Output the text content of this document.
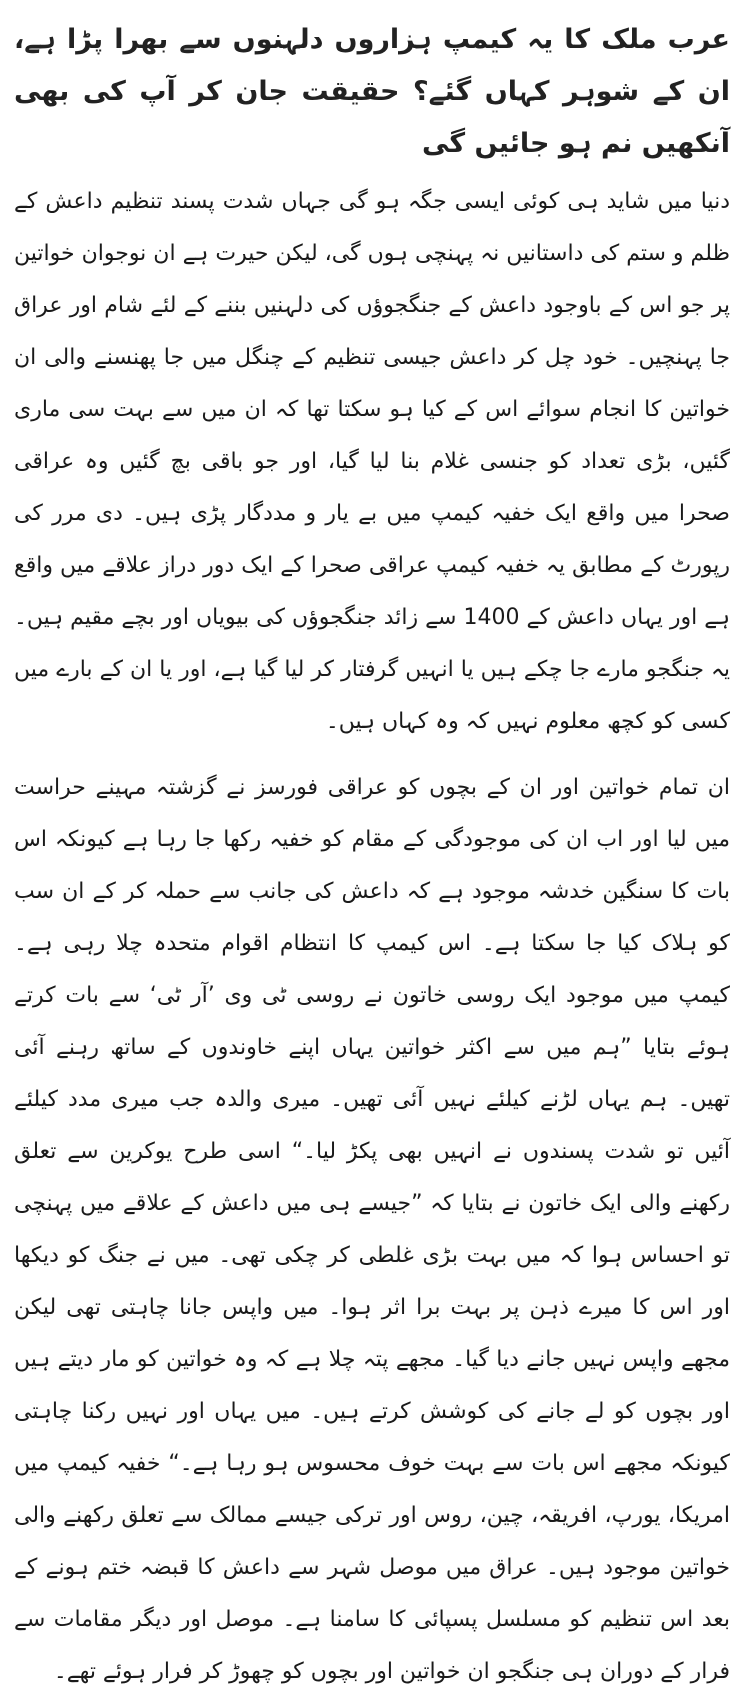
عرب ملک کا یہ کیمپ ہزاروں دلہنوں سے بھرا پڑا ہے، ان کے شوہر کہاں گئے؟ حقیقت جان کر آپ کی بھی آنکھیں نم ہو جائیں گی

دنیا میں شاید ہی کوئی ایسی جگہ ہو گی جہاں شدت پسند تنظیم داعش کے ظلم و ستم کی داستانیں نہ پہنچی ہوں گی، لیکن حیرت ہے ان نوجوان خواتین پر جو اس کے باوجود داعش کے جنگجوؤں کی دلہنیں بننے کے لئے شام اور عراق جا پہنچیں۔ خود چل کر داعش جیسی تنظیم کے چنگل میں جا پھنسنے والی ان خواتین کا انجام سوائے اس کے کیا ہو سکتا تھا کہ ان میں سے بہت سی ماری گئیں، بڑی تعداد کو جنسی غلام بنا لیا گیا، اور جو باقی بچ گئیں وہ عراقی صحرا میں واقع ایک خفیہ کیمپ میں بے یار و مددگار پڑی ہیں۔ دی مرر کی رپورٹ کے مطابق یہ خفیہ کیمپ عراقی صحرا کے ایک دور دراز علاقے میں واقع ہے اور یہاں داعش کے 1400 سے زائد جنگجوؤں کی بیویاں اور بچے مقیم ہیں۔ یہ جنگجو مارے جا چکے ہیں یا انہیں گرفتار کر لیا گیا ہے، اور یا ان کے بارے میں کسی کو کچھ معلوم نہیں کہ وہ کہاں ہیں۔

ان تمام خواتین اور ان کے بچوں کو عراقی فورسز نے گزشتہ مہینے حراست میں لیا اور اب ان کی موجودگی کے مقام کو خفیہ رکھا جا رہا ہے کیونکہ اس بات کا سنگین خدشہ موجود ہے کہ داعش کی جانب سے حملہ کر کے ان سب کو ہلاک کیا جا سکتا ہے۔ اس کیمپ کا انتظام اقوام متحدہ چلا رہی ہے۔ کیمپ میں موجود ایک روسی خاتون نے روسی ٹی وی ’آر ٹی‘ سے بات کرتے ہوئے بتایا ”ہم میں سے اکثر خواتین یہاں اپنے خاوندوں کے ساتھ رہنے آئی تھیں۔ ہم یہاں لڑنے کیلئے نہیں آئی تھیں۔ میری والدہ جب میری مدد کیلئے آئیں تو شدت پسندوں نے انہیں بھی پکڑ لیا۔“ اسی طرح یوکرین سے تعلق رکھنے والی ایک خاتون نے بتایا کہ ”جیسے ہی میں داعش کے علاقے میں پہنچی تو احساس ہوا کہ میں بہت بڑی غلطی کر چکی تھی۔ میں نے جنگ کو دیکھا اور اس کا میرے ذہن پر بہت برا اثر ہوا۔ میں واپس جانا چاہتی تھی لیکن مجھے واپس نہیں جانے دیا گیا۔ مجھے پتہ چلا ہے کہ وہ خواتین کو مار دیتے ہیں اور بچوں کو لے جانے کی کوشش کرتے ہیں۔ میں یہاں اور نہیں رکنا چاہتی کیونکہ مجھے اس بات سے بہت خوف محسوس ہو رہا ہے۔“ خفیہ کیمپ میں امریکا، یورپ، افریقہ، چین، روس اور ترکی جیسے ممالک سے تعلق رکھنے والی خواتین موجود ہیں۔ عراق میں موصل شہر سے داعش کا قبضہ ختم ہونے کے بعد اس تنظیم کو مسلسل پسپائی کا سامنا ہے۔ موصل اور دیگر مقامات سے فرار کے دوران ہی جنگجو ان خواتین اور بچوں کو چھوڑ کر فرار ہوئے تھے۔
